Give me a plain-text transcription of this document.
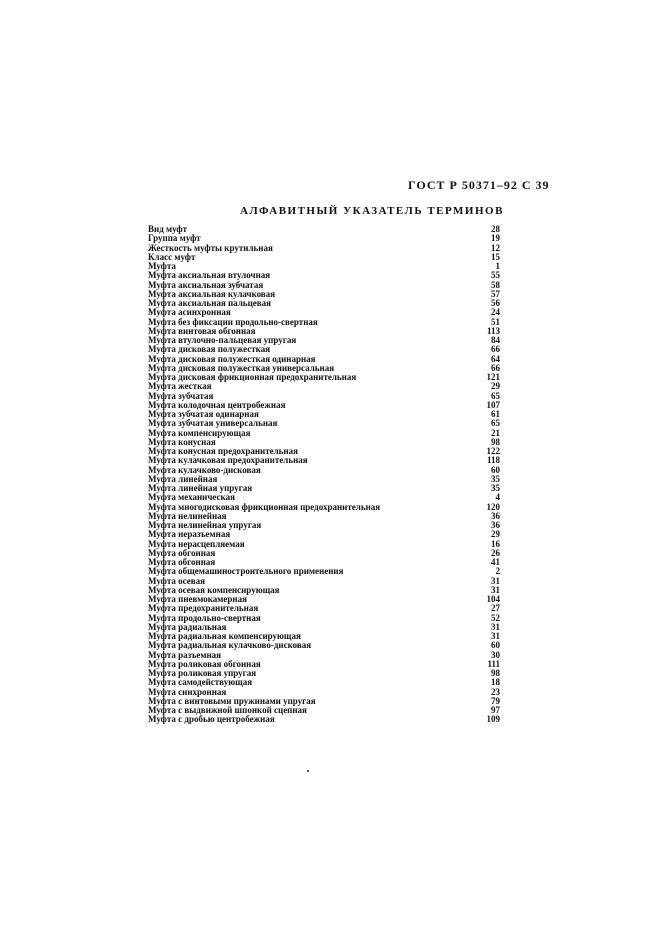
ГОСТ Р 50371–92 С 39
АЛФАВИТНЫЙ УКАЗАТЕЛЬ ТЕРМИНОВ
Вид муфт	28
Группа муфт	19
Жесткость муфты крутильная	12
Класс муфт	15
Муфта	1
Муфта аксиальная втулочная	55
Муфта аксиальная зубчатая	58
Муфта аксиальная кулачковая	57
Муфта аксиальная пальцевая	56
Муфта асинхронная	24
Муфта без фиксации продольно-свертная	51
Муфта винтовая обгонная	113
Муфта втулочно-пальцевая упругая	84
Муфта дисковая полужесткая	66
Муфта дисковая полужесткая одинарная	64
Муфта дисковая полужесткая универсальная	66
Муфта дисковая фрикционная предохранительная	121
Муфта жесткая	29
Муфта зубчатая	65
Муфта колодочная центробежная	107
Муфта зубчатая одинарная	61
Муфта зубчатая универсальная	65
Муфта компенсирующая	21
Муфта конусная	98
Муфта конусная предохранительная	122
Муфта кулачковая предохранительная	118
Муфта кулачково-дисковая	60
Муфта линейная	35
Муфта линейная упругая	35
Муфта механическая	4
Муфта многодисковая фрикционная предохранительная	120
Муфта нелинейная	36
Муфта нелинейная упругая	36
Муфта неразъемная	29
Муфта нерасцепляемая	16
Муфта обгонная	26
Муфта обгонная	41
Муфта общемашиностроительного применения	2
Муфта осевая	31
Муфта осевая компенсирующая	31
Муфта пневмокамерная	104
Муфта предохранительная	27
Муфта продольно-свертная	52
Муфта радиальная	31
Муфта радиальная компенсирующая	31
Муфта радиальная кулачково-дисковая	60
Муфта разъемная	30
Муфта роликовая обгонная	111
Муфта роликовая упругая	98
Муфта самодействующая	18
Муфта синхронная	23
Муфта с винтовыми пружинами упругая	79
Муфта с выдвижной шпонкой сцепная	97
Муфта с дробью центробежная	109
